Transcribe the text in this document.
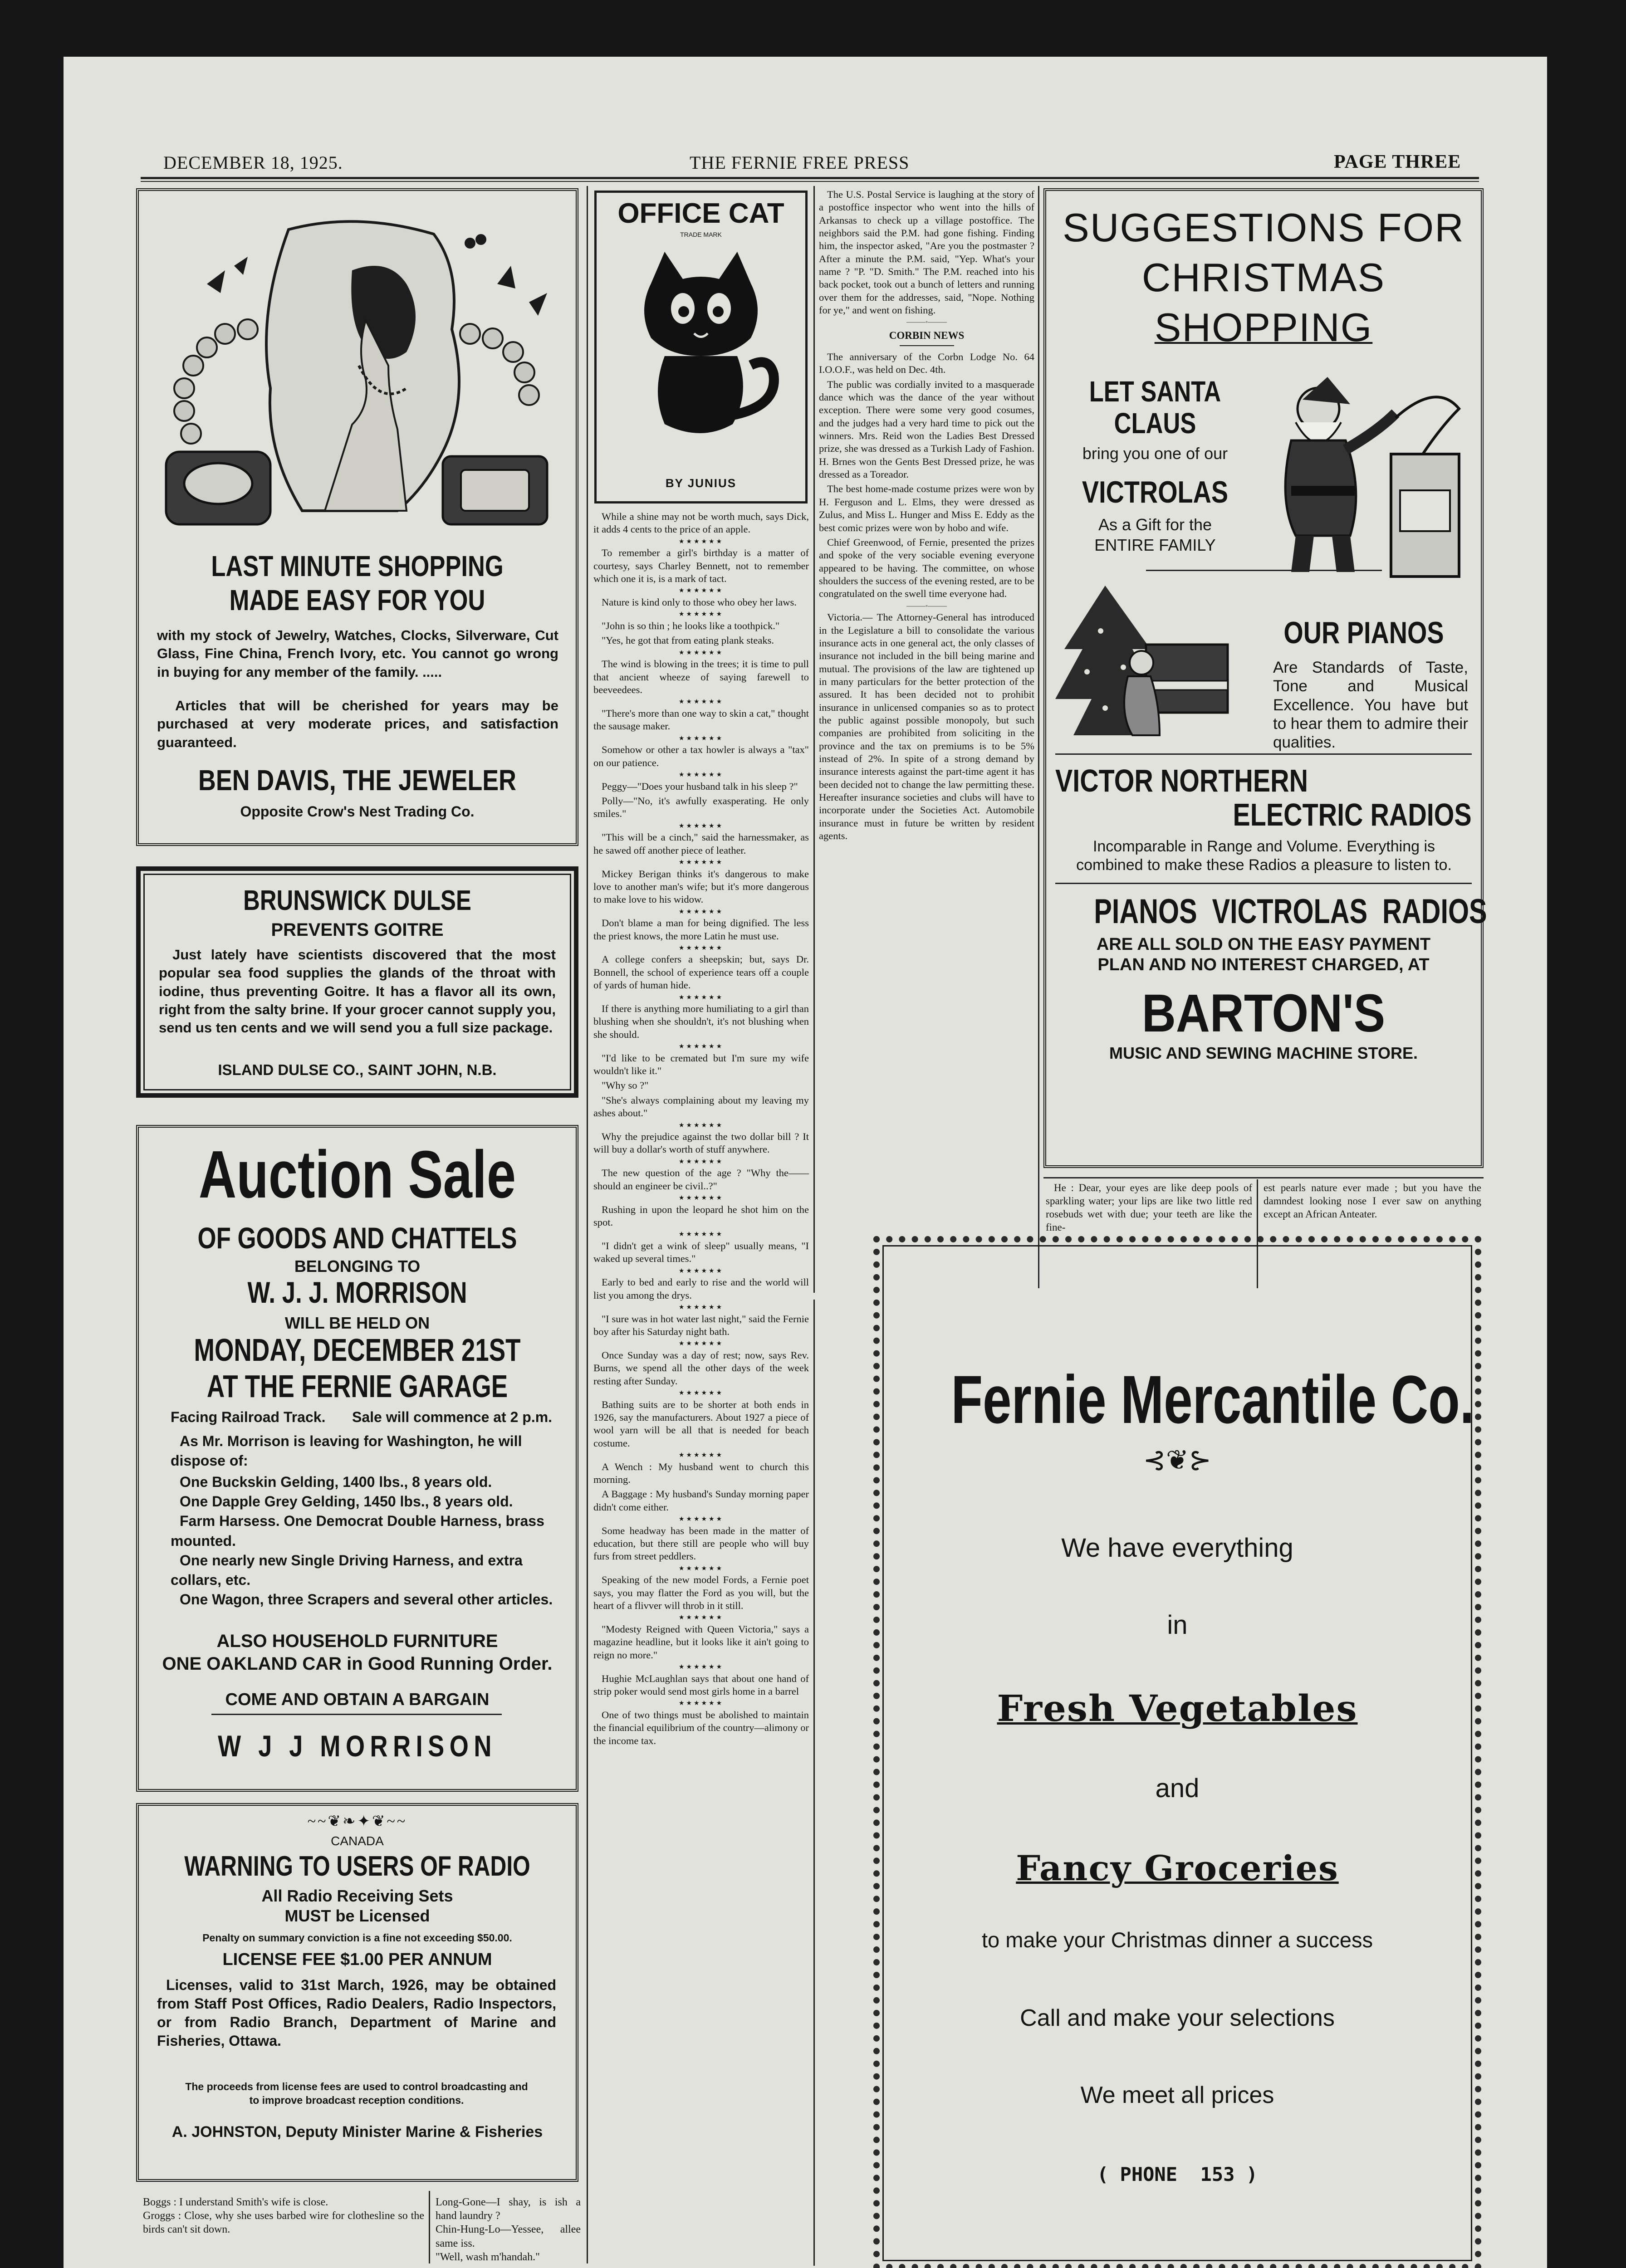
DECEMBER 18, 1925.	THE FERNIE FREE PRESS	PAGE THREE
LAST MINUTE SHOPPING
MADE EASY FOR YOU
with my stock of Jewelry, Watches, Clocks, Silverware, Cut Glass, Fine China, French Ivory, etc. You cannot go wrong in buying for any member of the family. .....
Articles that will be cherished for years may be purchased at very moderate prices, and satisfaction guaranteed.
BEN DAVIS, THE JEWELER
Opposite Crow's Nest Trading Co.
BRUNSWICK DULSE
PREVENTS GOITRE
Just lately have scientists discovered that the most popular sea food supplies the glands of the throat with iodine, thus preventing Goitre. It has a flavor all its own, right from the salty brine. If your grocer cannot supply you, send us ten cents and we will send you a full size package.
ISLAND DULSE CO., SAINT JOHN, N.B.
Auction Sale
OF GOODS AND CHATTELS
BELONGING TO
W. J. J. MORRISON
WILL BE HELD ON
MONDAY, DECEMBER 21ST
AT THE FERNIE GARAGE
Facing Railroad Track. Sale will commence at 2 p.m.
As Mr. Morrison is leaving for Washington, he will dispose of:
One Buckskin Gelding, 1400 lbs., 8 years old.
One Dapple Grey Gelding, 1450 lbs., 8 years old.
Farm Harsess. One Democrat Double Harness, brass mounted.
One nearly new Single Driving Harness, and extra collars, etc.
One Wagon, three Scrapers and several other articles.
ALSO HOUSEHOLD FURNITURE
ONE OAKLAND CAR in Good Running Order.
COME AND OBTAIN A BARGAIN
W J J MORRISON
~~❦❧✦❦~~
CANADA
WARNING TO USERS OF RADIO
All Radio Receiving Sets
MUST be Licensed
Penalty on summary conviction is a fine not exceeding $50.00.
LICENSE FEE $1.00 PER ANNUM
Licenses, valid to 31st March, 1926, may be obtained from Staff Post Offices, Radio Dealers, Radio Inspectors, or from Radio Branch, Department of Marine and Fisheries, Ottawa.
The proceeds from license fees are used to control broadcasting and to improve broadcast reception conditions.
A. JOHNSTON, Deputy Minister Marine & Fisheries
Boggs : I understand Smith's wife is close.
Groggs : Close, why she uses barbed wire for clothesline so the birds can't sit down.
Long-Gone—I shay, is ish a hand laundry ?
Chin-Hung-Lo—Yessee, allee same iss.
"Well, wash m'handah."
OFFICE CAT
TRADE MARK
BY JUNIUS

While a shine may not be worth much, says Dick, it adds 4 cents to the price of an apple.

★★★★★★

To remember a girl's birthday is a matter of courtesy, says Charley Bennett, not to remember which one it is, is a mark of tact.

★★★★★★

Nature is kind only to those who obey her laws.

★★★★★★

"John is so thin ; he looks like a toothpick."

"Yes, he got that from eating plank steaks.

★★★★★★

The wind is blowing in the trees; it is time to pull that ancient wheeze of saying farewell to beeveedees.

★★★★★★

"There's more than one way to skin a cat," thought the sausage maker.

★★★★★★

Somehow or other a tax howler is always a "tax" on our patience.

★★★★★★

Peggy—"Does your husband talk in his sleep ?"

Polly—"No, it's awfully exasperating. He only smiles."

★★★★★★

"This will be a cinch," said the harnessmaker, as he sawed off another piece of leather.

★★★★★★

Mickey Berigan thinks it's dangerous to make love to another man's wife; but it's more dangerous to make love to his widow.

★★★★★★

Don't blame a man for being dignified. The less the priest knows, the more Latin he must use.

★★★★★★

A college confers a sheepskin; but, says Dr. Bonnell, the school of experience tears off a couple of yards of human hide.

★★★★★★

If there is anything more humiliating to a girl than blushing when she shouldn't, it's not blushing when she should.

★★★★★★

"I'd like to be cremated but I'm sure my wife wouldn't like it."

"Why so ?"

"She's always complaining about my leaving my ashes about."

★★★★★★

Why the prejudice against the two dollar bill ? It will buy a dollar's worth of stuff anywhere.

★★★★★★

The new question of the age ? "Why the—— should an engineer be civil..?"

★★★★★★

Rushing in upon the leopard he shot him on the spot.

★★★★★★

"I didn't get a wink of sleep" usually means, "I waked up several times."

★★★★★★

Early to bed and early to rise and the world will list you among the drys.

★★★★★★

"I sure was in hot water last night," said the Fernie boy after his Saturday night bath.

★★★★★★

Once Sunday was a day of rest; now, says Rev. Burns, we spend all the other days of the week resting after Sunday.

★★★★★★

Bathing suits are to be shorter at both ends in 1926, say the manufacturers. About 1927 a piece of wool yarn will be all that is needed for beach costume.

★★★★★★

A Wench : My husband went to church this morning.

A Baggage : My husband's Sunday morning paper didn't come either.

★★★★★★

Some headway has been made in the matter of education, but there still are people who will buy furs from street peddlers.

★★★★★★

Speaking of the new model Fords, a Fernie poet says, you may flatter the Ford as you will, but the heart of a flivver will throb in it still.

★★★★★★

"Modesty Reigned with Queen Victoria," says a magazine headline, but it looks like it ain't going to reign no more."

★★★★★★

Hughie McLaughlan says that about one hand of strip poker would send most girls home in a barrel

★★★★★★

One of two things must be abolished to maintain the financial equilibrium of the country—alimony or the income tax.

The U.S. Postal Service is laughing at the story of a postoffice inspector who went into the hills of Arkansas to check up a village postoffice. The neighbors said the P.M. had gone fishing. Finding him, the inspector asked, "Are you the postmaster ? After a minute the P.M. said, "Yep. What's your name ? "P. "D. Smith." The P.M. reached into his back pocket, took out a bunch of letters and running over them for the addresses, said, "Nope. Nothing for ye," and went on fishing.

———◦———
CORBIN NEWS

The anniversary of the Corbn Lodge No. 64 I.O.O.F., was held on Dec. 4th.

The public was cordially invited to a masquerade dance which was the dance of the year without exception. There were some very good cosumes, and the judges had a very hard time to pick out the winners. Mrs. Reid won the Ladies Best Dressed prize, she was dressed as a Turkish Lady of Fashion. H. Brnes won the Gents Best Dressed prize, he was dressed as a Toreador.

The best home-made costume prizes were won by H. Ferguson and L. Elms, they were dressed as Zulus, and Miss L. Hunger and Miss E. Eddy as the best comic prizes were won by hobo and wife.

Chief Greenwood, of Fernie, presented the prizes and spoke of the very sociable evening everyone appeared to be having. The committee, on whose shoulders the success of the evening rested, are to be congratulated on the swell time everyone had.

———◦———

Victoria.— The Attorney-General has introduced in the Legislature a bill to consolidate the various insurance acts in one general act, the only classes of insurance not included in the bill being marine and mutual. The provisions of the law are tightened up in many particulars for the better protection of the assured. It has been decided not to prohibit insurance in unlicensed companies so as to protect the public against possible monopoly, but such companies are prohibited from soliciting in the province and the tax on premiums is to be 5% instead of 2%. In spite of a strong demand by insurance interests against the part-time agent it has been decided not to change the law permitting these. Hereafter insurance societies and clubs will have to incorporate under the Societies Act. Automobile insurance must in future be written by resident agents.

SUGGESTIONS FOR
CHRISTMAS
SHOPPING
LET SANTA
CLAUS
bring you one of our
VICTROLAS
As a Gift for the
ENTIRE FAMILY
OUR PIANOS
Are Standards of Taste, Tone and Musical Excellence. You have but to hear them to admire their qualities.
VICTOR NORTHERN
ELECTRIC RADIOS
Incomparable in Range and Volume. Everything is combined to make these Radios a pleasure to listen to.
PIANOS  VICTROLAS  RADIOS
ARE ALL SOLD ON THE EASY PAYMENT
PLAN AND NO INTEREST CHARGED, AT
BARTON'S
MUSIC AND SEWING MACHINE STORE.

He : Dear, your eyes are like deep pools of sparkling water; your lips are like two little red rosebuds wet with due; your teeth are like the fine-

est pearls nature ever made ; but you have the damndest looking nose I ever saw on anything except an African Anteater.

Fernie Mercantile Co.
⊰❦⊱
We have everything
in
Fresh Vegetables
and
Fancy Groceries
to make your Christmas dinner a success
Call and make your selections
We meet all prices
( PHONE  153 )
